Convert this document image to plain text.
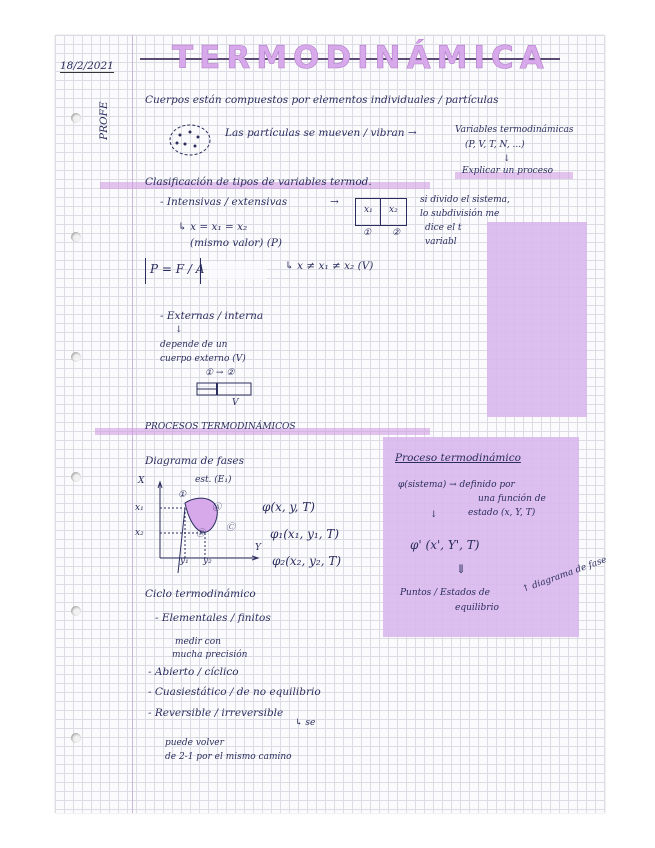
18/2/2021 TERMODINÁMICA
PROFE
Cuerpos están compuestos por elementos individuales / partículas
Las partículas se mueven / vibran →	Variables termodinámicas
(P, V, T, N, ...)
↓
Explicar un proceso
Clasificación de tipos de variables termod.
- Intensivas / extensivas	→
x₁ x₂
① ②
si divido el sistema,
lo subdivisión me
dice el t
variabl
↳ x = x₁ = x₂
(mismo valor) (P)
P = F / A	↳ x ≠ x₁ ≠ x₂ (V)
- Externas / interna
↓
depende de un
cuerpo externo (V)
① → ②
V
PROCESOS TERMODINÁMICOS
Diagrama de fases
X
Y
est. (E₁)
x₁
x₂
y₁ y₂
①
Ⓐ
Ⓑ
Ⓒ
φ(x, y, T)
φ₁(x₁, y₁, T)
φ₂(x₂, y₂, T)
Ciclo termodinámico
- Elementales / finitos
medir con
mucha precisión
- Abierto / cíclico
- Cuasiestático / de no equilibrio
- Reversible / irreversible
↳ se
puede volver
de 2-1 por el mismo camino
Proceso termodinámico
φ(sistema) → definido por
una función de
estado (x, Y, T)
↓
φ' (x', Y', T)
⇓
Puntos / Estados de
equilibrio
↑ diagrama de fase
